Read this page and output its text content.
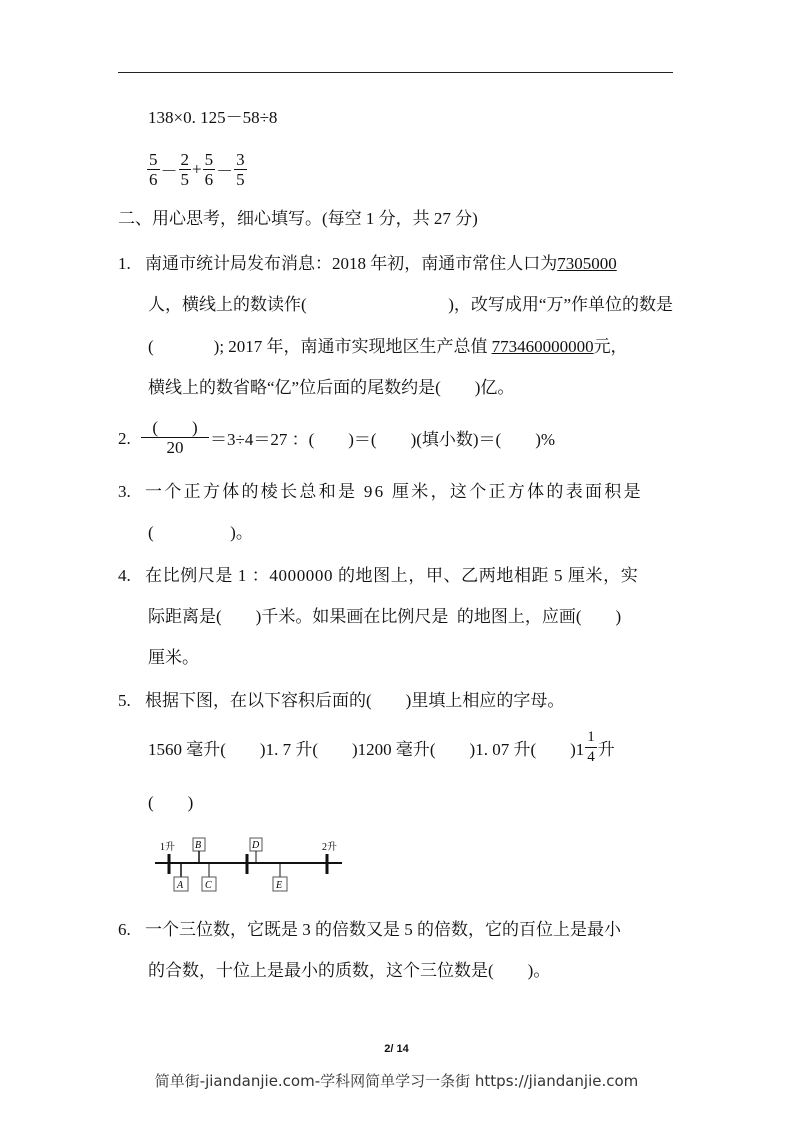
138×0. 125－58÷8
$\frac{5}{6} - \frac{2}{5} + \frac{5}{6} - \frac{3}{5}$
二、用心思考，细心填写。(每空 1 分，共 27 分)
1. 南通市统计局发布消息：2018 年初，南通市常住人口为7305000
人，横线上的数读作(	)，改写成用“万”作单位的数是
(	); 2017 年，南通市实现地区生产总值 773460000000元，
横线上的数省略“亿”位后面的尾数约是(        )亿。
2. $\frac{( )}{20} =3\div 4=27$ ：(        )＝(        )(填小数)＝(        )%
3. 一个正方体的棱长总和是 96 厘米，这个正方体的表面积是
(                  )。
4. 在比例尺是 1 ：4000000 的地图上，甲、乙两地相距 5 厘米，实
际距离是(        )千米。如果画在比例尺是  的地图上，应画(        )
厘米。
5. 根据下图，在以下容积后面的(        )里填上相应的字母。
1560 毫升(        )1. 7 升(        )1200 毫升(        )1. 07 升(        )$1 \frac{1}{4}$ 升
(        )
1升	2升
B	D
A C	E
6. 一个三位数，它既是 3 的倍数又是 5 的倍数，它的百位上是最小
的合数，十位上是最小的质数，这个三位数是(        )。
2/ 14
简单街-jiandanjie.com-学科网简单学习一条街 https://jiandanjie.com
